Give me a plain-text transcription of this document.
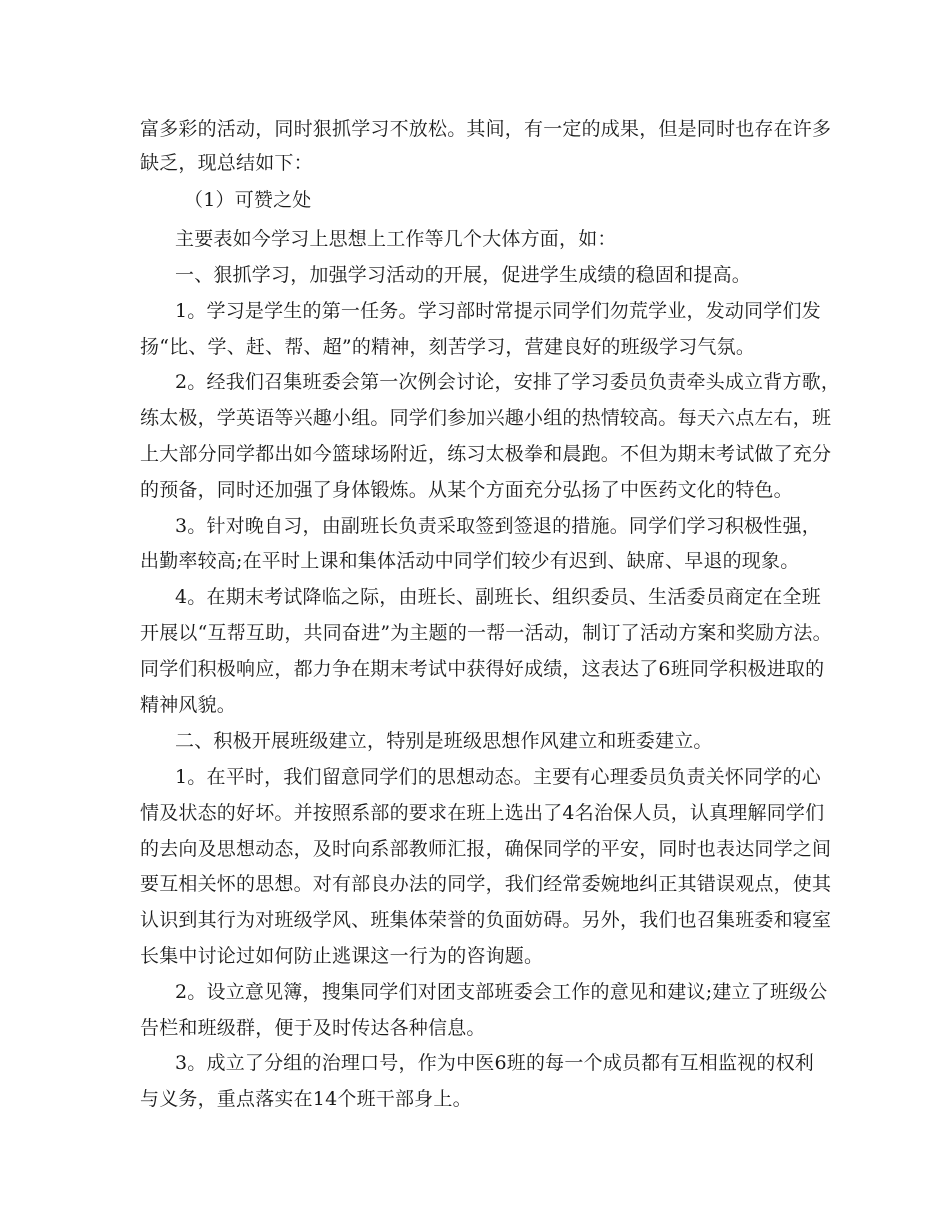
富多彩的活动，同时狠抓学习不放松。其间，有一定的成果，但是同时也存在许多
缺乏，现总结如下：
（1）可赞之处
主要表如今学习上思想上工作等几个大体方面，如：
一、狠抓学习，加强学习活动的开展，促进学生成绩的稳固和提高。
1。学习是学生的第一任务。学习部时常提示同学们勿荒学业，发动同学们发
扬“比、学、赶、帮、超”的精神，刻苦学习，营建良好的班级学习气氛。
2。经我们召集班委会第一次例会讨论，安排了学习委员负责牵头成立背方歌，
练太极，学英语等兴趣小组。同学们参加兴趣小组的热情较高。每天六点左右，班
上大部分同学都出如今篮球场附近，练习太极拳和晨跑。不但为期末考试做了充分
的预备，同时还加强了身体锻炼。从某个方面充分弘扬了中医药文化的特色。
3。针对晚自习，由副班长负责采取签到签退的措施。同学们学习积极性强，
出勤率较高;在平时上课和集体活动中同学们较少有迟到、缺席、早退的现象。
4。在期末考试降临之际，由班长、副班长、组织委员、生活委员商定在全班
开展以“互帮互助，共同奋进”为主题的一帮一活动，制订了活动方案和奖励方法。
同学们积极响应，都力争在期末考试中获得好成绩，这表达了6班同学积极进取的
精神风貌。
二、积极开展班级建立，特别是班级思想作风建立和班委建立。
1。在平时，我们留意同学们的思想动态。主要有心理委员负责关怀同学的心
情及状态的好坏。并按照系部的要求在班上选出了4名治保人员，认真理解同学们
的去向及思想动态，及时向系部教师汇报，确保同学的平安，同时也表达同学之间
要互相关怀的思想。对有部良办法的同学，我们经常委婉地纠正其错误观点，使其
认识到其行为对班级学风、班集体荣誉的负面妨碍。另外，我们也召集班委和寝室
长集中讨论过如何防止逃课这一行为的咨询题。
2。设立意见簿，搜集同学们对团支部班委会工作的意见和建议;建立了班级公
告栏和班级群，便于及时传达各种信息。
3。成立了分组的治理口号，作为中医6班的每一个成员都有互相监视的权利
与义务，重点落实在14个班干部身上。
